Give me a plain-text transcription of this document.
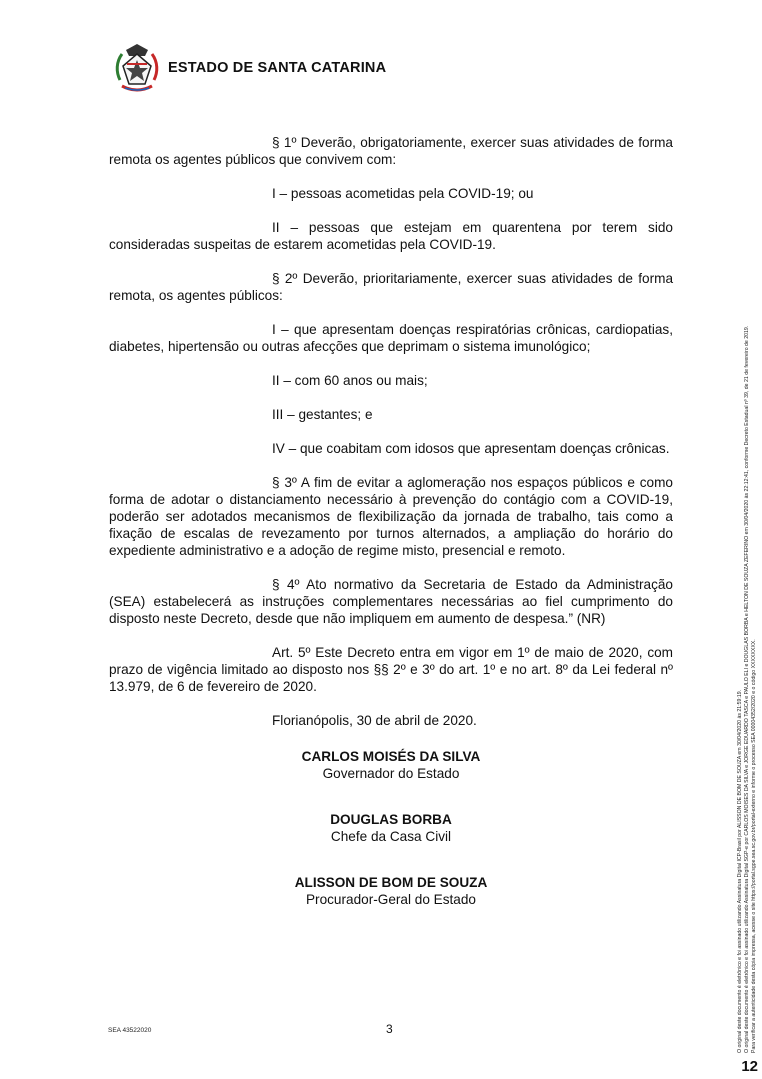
ESTADO DE SANTA CATARINA

§ 1º Deverão, obrigatoriamente, exercer suas atividades de forma remota os agentes públicos que convivem com:

I – pessoas acometidas pela COVID-19; ou

II – pessoas que estejam em quarentena por terem sido consideradas suspeitas de estarem acometidas pela COVID-19.

§ 2º Deverão, prioritariamente, exercer suas atividades de forma remota, os agentes públicos:

I – que apresentam doenças respiratórias crônicas, cardiopatias, diabetes, hipertensão ou outras afecções que deprimam o sistema imunológico;

II – com 60 anos ou mais;

III – gestantes; e

IV – que coabitam com idosos que apresentam doenças crônicas.

§ 3º A fim de evitar a aglomeração nos espaços públicos e como forma de adotar o distanciamento necessário à prevenção do contágio com a COVID-19, poderão ser adotados mecanismos de flexibilização da jornada de trabalho, tais como a fixação de escalas de revezamento por turnos alternados, a ampliação do horário do expediente administrativo e a adoção de regime misto, presencial e remoto.

§ 4º Ato normativo da Secretaria de Estado da Administração (SEA) estabelecerá as instruções complementares necessárias ao fiel cumprimento do disposto neste Decreto, desde que não impliquem em aumento de despesa.” (NR)

Art. 5º Este Decreto entra em vigor em 1º de maio de 2020, com prazo de vigência limitado ao disposto nos §§ 2º e 3º do art. 1º e no art. 8º da Lei federal nº 13.979, de 6 de fevereiro de 2020.

Florianópolis, 30 de abril de 2020.

CARLOS MOISÉS DA SILVA
Governador do Estado
DOUGLAS BORBA
Chefe da Casa Civil
ALISSON DE BOM DE SOUZA
Procurador-Geral do Estado
SEA 43522020	3	O original deste documento é eletrônico e foi assinado utilizando Assinatura Digital ICP-Brasil por ALISSON DE BOM DE SOUZA em 30/04/2020 às 21:59:19. O original deste documento é eletrônico e foi assinado utilizando Assinatura Digital SGP-e por CARLOS MOISÉS DA SILVA e JORGE EDUARDO TASCA e PAULO ELI e DOUGLAS BORBA e HELTON DE SOUZA ZEFERINO em 30/04/2020 às 22:12:41, conforme Decreto Estadual nº 39, de 21 de fevereiro de 2019. Para verificar a autenticidade desta cópia impressa, acesse o site https://portal.sgpe.sea.sc.gov.br/portal-externo e informe o processo SEA 00004352/2020 e o código XXXXXXXX.
12
